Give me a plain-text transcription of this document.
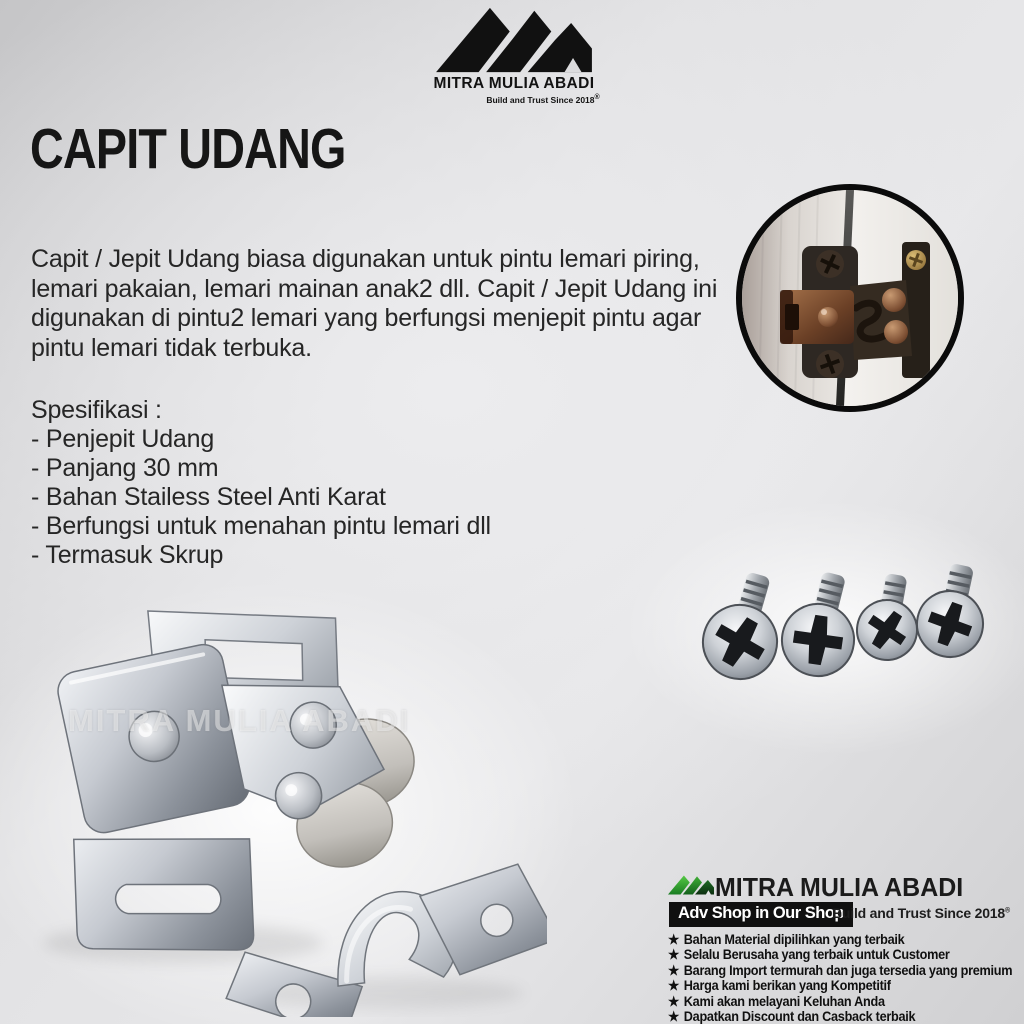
MITRA MULIA ABADI
Build and Trust Since 2018®
CAPIT UDANG
Capit / Jepit Udang biasa digunakan untuk pintu lemari piring,
lemari pakaian, lemari mainan anak2 dll. Capit / Jepit Udang ini
digunakan di pintu2 lemari yang berfungsi menjepit pintu agar
pintu lemari tidak terbuka.
Spesifikasi :
- Penjepit Udang
- Panjang 30 mm
- Bahan Stailess Steel Anti Karat
- Berfungsi untuk menahan pintu lemari dll
- Termasuk Skrup
MITRA MULIA ABADI
MITRA MULIA ABADI
Adv Shop in Our Shop
Build and Trust Since 2018®
★ Bahan Material dipilihkan yang terbaik
★ Selalu Berusaha yang terbaik untuk Customer
★ Barang Import termurah dan juga tersedia yang premium
★ Harga kami berikan yang Kompetitif
★ Kami akan melayani Keluhan Anda
★ Dapatkan Discount dan Casback terbaik
